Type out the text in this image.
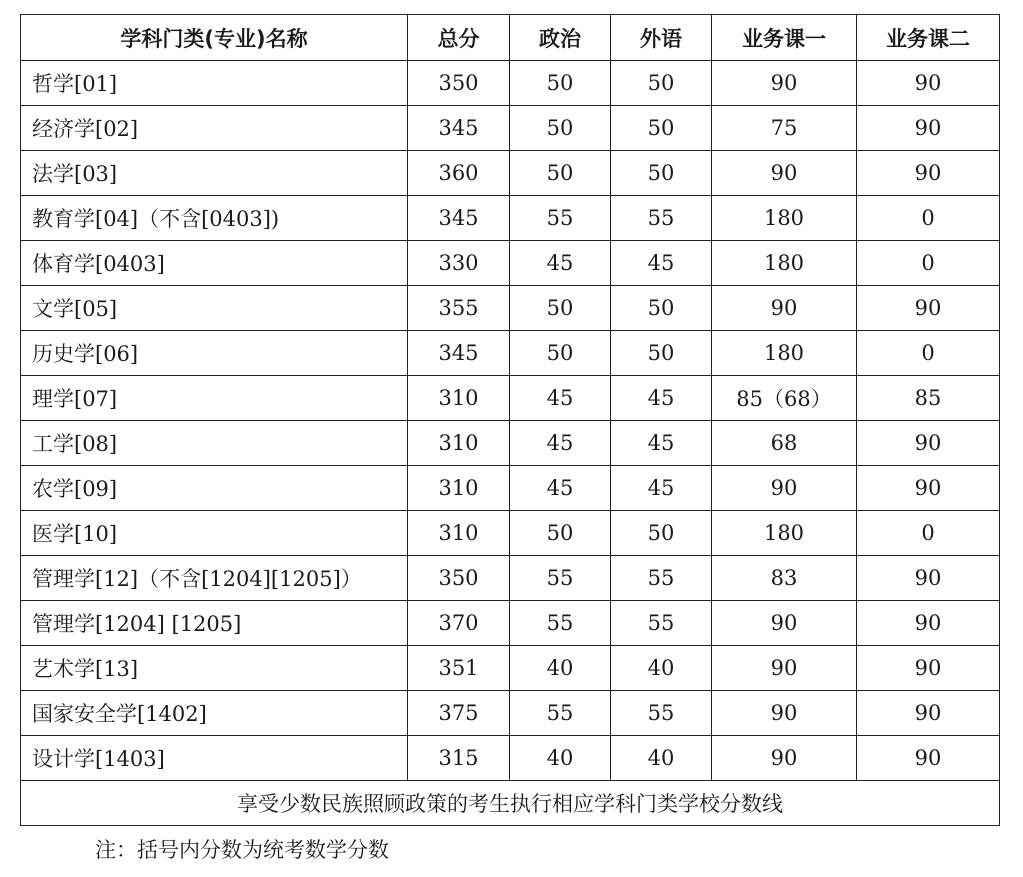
学科门类(专业)名称	总分	政治	外语	业务课一	业务课二
哲学[01]	350	50	50	90	90
经济学[02]	345	50	50	75	90
法学[03]	360	50	50	90	90
教育学[04]（不含[0403])	345	55	55	180	0
体育学[0403]	330	45	45	180	0
文学[05]	355	50	50	90	90
历史学[06]	345	50	50	180	0
理学[07]	310	45	45	85（68）	85
工学[08]	310	45	45	68	90
农学[09]	310	45	45	90	90
医学[10]	310	50	50	180	0
管理学[12]（不含[1204][1205]）	350	55	55	83	90
管理学[1204] [1205]	370	55	55	90	90
艺术学[13]	351	40	40	90	90
国家安全学[1402]	375	55	55	90	90
设计学[1403]	315	40	40	90	90
享受少数民族照顾政策的考生执行相应学科门类学校分数线					
注：括号内分数为统考数学分数
